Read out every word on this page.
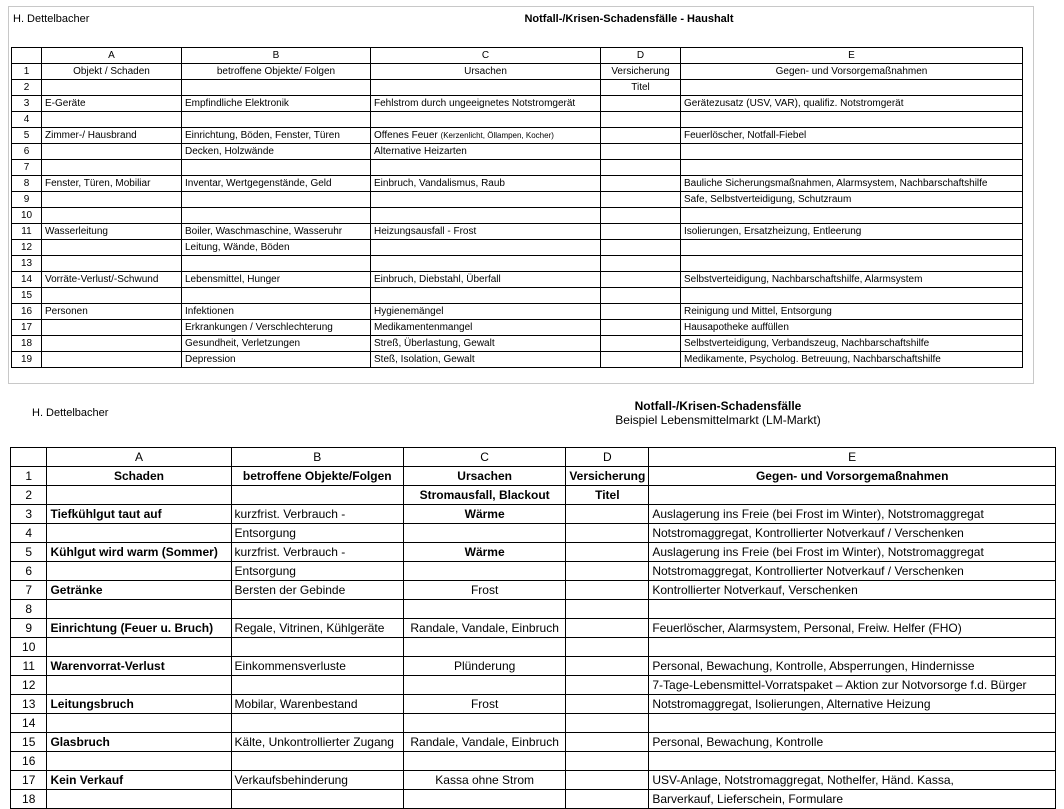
H. Dettelbacher	Notfall-/Krisen-Schadensfälle - Haushalt
	A	B	C	D	E
1	Objekt / Schaden	betroffene Objekte/ Folgen	Ursachen	Versicherung	Gegen- und Vorsorgemaßnahmen
2				Titel	
3	E-Geräte	Empfindliche Elektronik	Fehlstrom durch ungeeignetes Notstromgerät		Gerätezusatz (USV, VAR), qualifiz. Notstromgerät
4					
5	Zimmer-/ Hausbrand	Einrichtung, Böden, Fenster, Türen	Offenes Feuer (Kerzenlicht, Öllampen, Kocher)		Feuerlöscher, Notfall-Fiebel
6		Decken, Holzwände	Alternative Heizarten		
7					
8	Fenster, Türen, Mobiliar	Inventar, Wertgegenstände, Geld	Einbruch, Vandalismus, Raub		Bauliche Sicherungsmaßnahmen, Alarmsystem, Nachbarschaftshilfe
9					Safe, Selbstverteidigung, Schutzraum
10					
11	Wasserleitung	Boiler, Waschmaschine, Wasseruhr	Heizungsausfall - Frost		Isolierungen, Ersatzheizung, Entleerung
12		Leitung, Wände, Böden			
13					
14	Vorräte-Verlust/-Schwund	Lebensmittel, Hunger	Einbruch, Diebstahl, Überfall		Selbstverteidigung, Nachbarschaftshilfe, Alarmsystem
15					
16	Personen	Infektionen	Hygienemängel		Reinigung und Mittel, Entsorgung
17		Erkrankungen / Verschlechterung	Medikamentenmangel		Hausapotheke auffüllen
18		Gesundheit, Verletzungen	Streß, Überlastung, Gewalt		Selbstverteidigung, Verbandszeug, Nachbarschaftshilfe
19		Depression	Steß, Isolation, Gewalt		Medikamente, Psycholog. Betreuung, Nachbarschaftshilfe
H. Dettelbacher	Notfall-/Krisen-Schadensfälle
Beispiel Lebensmittelmarkt (LM-Markt)
	A	B	C	D	E
1	Schaden	betroffene Objekte/Folgen	Ursachen	Versicherung	Gegen- und Vorsorgemaßnahmen
2			Stromausfall, Blackout	Titel	
3	Tiefkühlgut taut auf	kurzfrist. Verbrauch -	Wärme		Auslagerung ins Freie (bei Frost im Winter), Notstromaggregat
4		Entsorgung			Notstromaggregat, Kontrollierter Notverkauf / Verschenken
5	Kühlgut wird warm (Sommer)	kurzfrist. Verbrauch -	Wärme		Auslagerung ins Freie (bei Frost im Winter), Notstromaggregat
6		Entsorgung			Notstromaggregat, Kontrollierter Notverkauf / Verschenken
7	Getränke	Bersten der Gebinde	Frost		Kontrollierter Notverkauf, Verschenken
8					
9	Einrichtung (Feuer u. Bruch)	Regale, Vitrinen, Kühlgeräte	Randale, Vandale, Einbruch		Feuerlöscher, Alarmsystem, Personal, Freiw. Helfer (FHO)
10					
11	Warenvorrat-Verlust	Einkommensverluste	Plünderung		Personal, Bewachung, Kontrolle, Absperrungen, Hindernisse
12					7-Tage-Lebensmittel-Vorratspaket – Aktion zur Notvorsorge f.d. Bürger
13	Leitungsbruch	Mobilar, Warenbestand	Frost		Notstromaggregat, Isolierungen, Alternative Heizung
14					
15	Glasbruch	Kälte, Unkontrollierter Zugang	Randale, Vandale, Einbruch		Personal, Bewachung, Kontrolle
16					
17	Kein Verkauf	Verkaufsbehinderung	Kassa ohne Strom		USV-Anlage, Notstromaggregat, Nothelfer, Händ. Kassa,
18					Barverkauf, Lieferschein, Formulare
